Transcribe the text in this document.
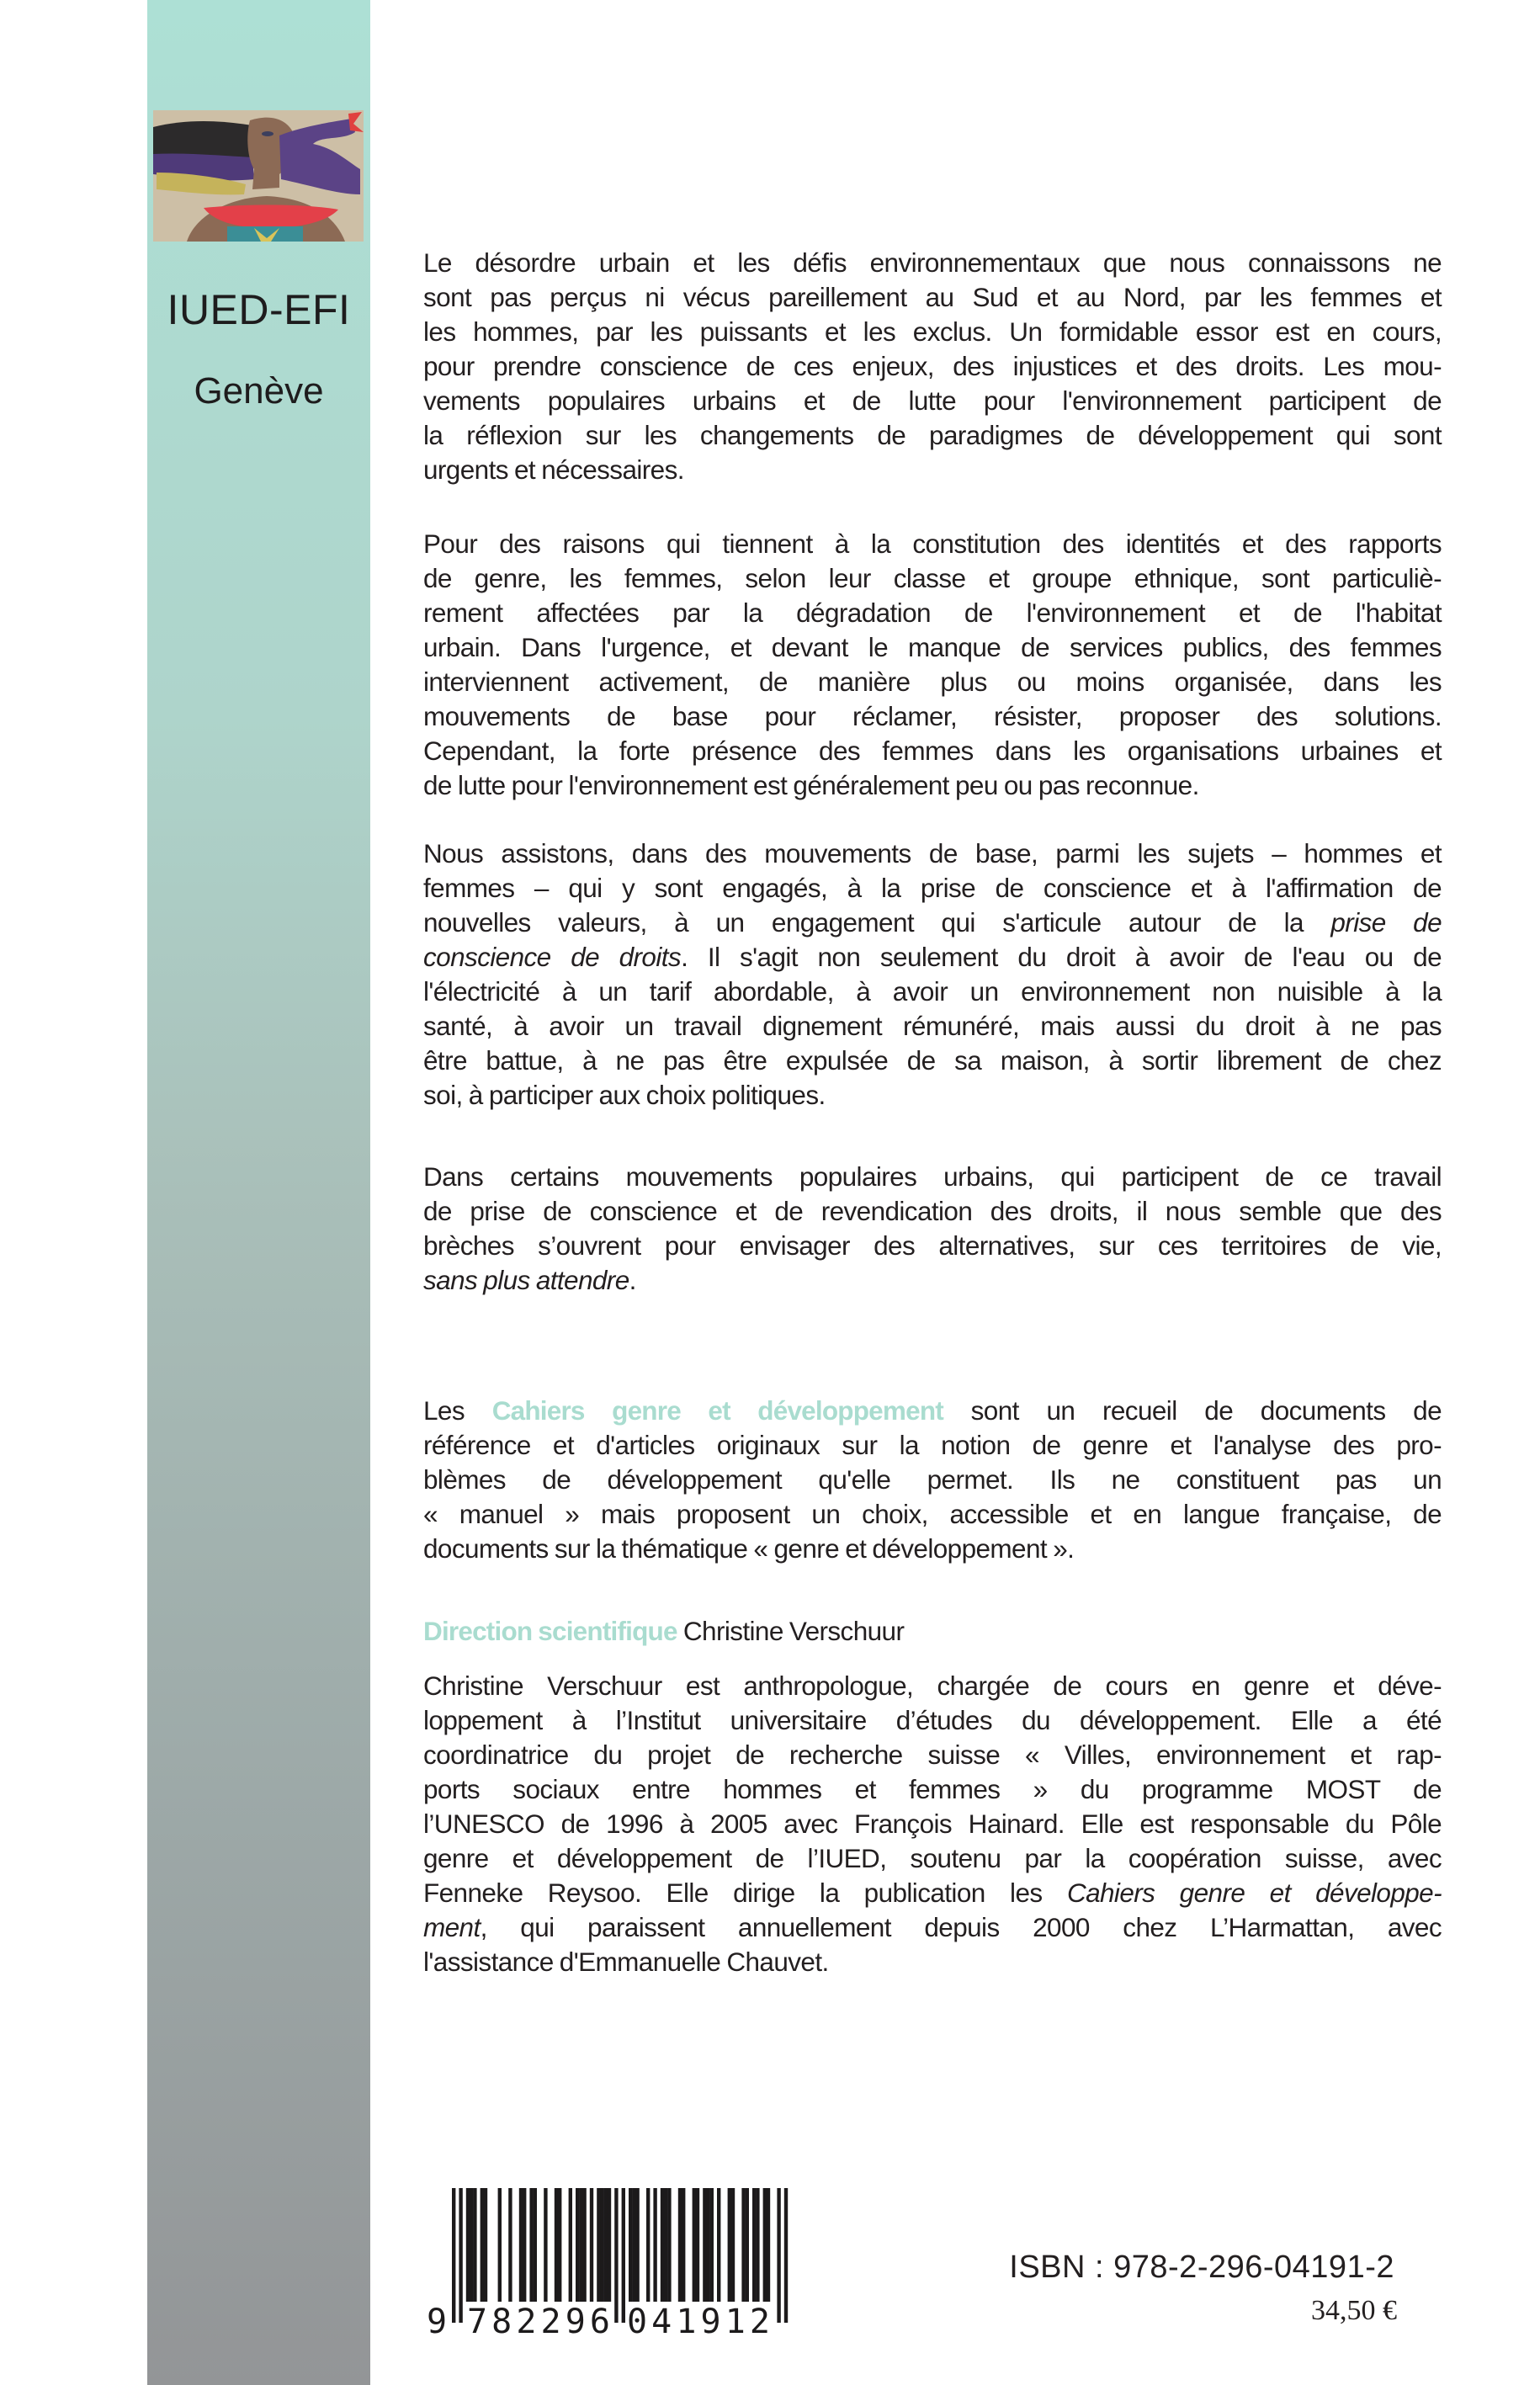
IUED-EFI
Genève
Le désordre urbain et les défis environnementaux que nous connaissons ne
sont pas perçus ni vécus pareillement au Sud et au Nord, par les femmes et
les hommes, par les puissants et les exclus. Un formidable essor est en cours,
pour prendre conscience de ces enjeux, des injustices et des droits. Les mou-
vements populaires urbains et de lutte pour l'environnement participent de
la réflexion sur les changements de paradigmes de développement qui sont
urgents et nécessaires.
Pour des raisons qui tiennent à la constitution des identités et des rapports
de genre, les femmes, selon leur classe et groupe ethnique, sont particuliè-
rement affectées par la dégradation de l'environnement et de l'habitat
urbain. Dans l'urgence, et devant le manque de services publics, des femmes
interviennent activement, de manière plus ou moins organisée, dans les
mouvements de base pour réclamer, résister, proposer des solutions.
Cependant, la forte présence des femmes dans les organisations urbaines et
de lutte pour l'environnement est généralement peu ou pas reconnue.
Nous assistons, dans des mouvements de base, parmi les sujets – hommes et
femmes – qui y sont engagés, à la prise de conscience et à l'affirmation de
nouvelles valeurs, à un engagement qui s'articule autour de la prise de
conscience de droits. Il s'agit non seulement du droit à avoir de l'eau ou de
l'électricité à un tarif abordable, à avoir un environnement non nuisible à la
santé, à avoir un travail dignement rémunéré, mais aussi du droit à ne pas
être battue, à ne pas être expulsée de sa maison, à sortir librement de chez
soi, à participer aux choix politiques.
Dans certains mouvements populaires urbains, qui participent de ce travail
de prise de conscience et de revendication des droits, il nous semble que des
brèches s’ouvrent pour envisager des alternatives, sur ces territoires de vie,
sans plus attendre.
Les Cahiers genre et développement sont un recueil de documents de
référence et d'articles originaux sur la notion de genre et l'analyse des pro-
blèmes de développement qu'elle permet. Ils ne constituent pas un
« manuel » mais proposent un choix, accessible et en langue française, de
documents sur la thématique « genre et développement ».
Direction scientifique Christine Verschuur
Christine Verschuur est anthropologue, chargée de cours en genre et déve-
loppement à l’Institut universitaire d’études du développement. Elle a été
coordinatrice du projet de recherche suisse « Villes, environnement et rap-
ports sociaux entre hommes et femmes » du programme MOST de
l’UNESCO de 1996 à 2005 avec François Hainard. Elle est responsable du Pôle
genre et développement de l’IUED, soutenu par la coopération suisse, avec
Fenneke Reysoo. Elle dirige la publication les Cahiers genre et développe-
ment, qui paraissent annuellement depuis 2000 chez L’Harmattan, avec
l'assistance d'Emmanuelle Chauvet.
9 782296 041912
ISBN : 978-2-296-04191-2
34,50 €
